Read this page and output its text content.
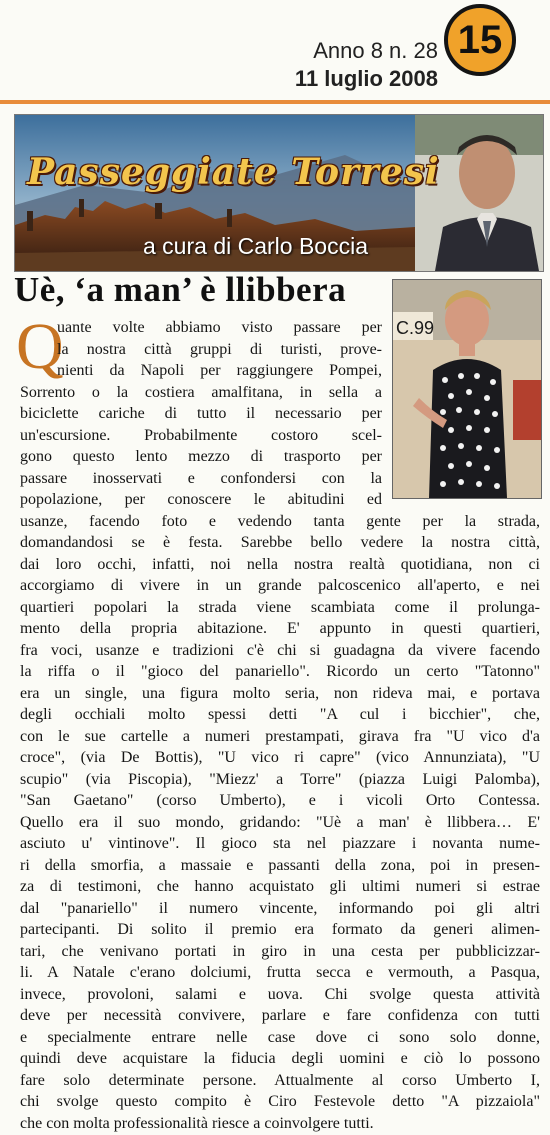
Anno 8 n. 28
11 luglio 2008
15
Passeggiate Torresi
a cura di Carlo Boccia
Uè, ‘a man’ è llibbera
C.99
Q
uante volte abbiamo visto passare per
la nostra città gruppi di turisti, prove-
nienti da Napoli per raggiungere Pompei,
Sorrento o la costiera amalfitana, in sella a
biciclette cariche di tutto il necessario per
un'escursione. Probabilmente costoro scel-
gono questo lento mezzo di trasporto per
passare inosservati e confondersi con la
popolazione, per conoscere le abitudini ed
usanze, facendo foto e vedendo tanta gente per la strada,
domandandosi se è festa. Sarebbe bello vedere la nostra città,
dai loro occhi, infatti, noi nella nostra realtà quotidiana, non ci
accorgiamo di vivere in un grande palcoscenico all'aperto, e nei
quartieri popolari la strada viene scambiata come il prolunga-
mento della propria abitazione. E' appunto in questi quartieri,
fra voci, usanze e tradizioni c'è chi si guadagna da vivere facendo
la riffa o il "gioco del panariello". Ricordo un certo "Tatonno"
era un single, una figura molto seria, non rideva mai, e portava
degli occhiali molto spessi detti "A cul i bicchier", che,
con le sue cartelle a numeri prestampati, girava fra "U vico d'a
croce", (via De Bottis), "U vico ri capre" (vico Annunziata), "U
scupio" (via Piscopia), "Miezz' a Torre" (piazza Luigi Palomba),
"San Gaetano" (corso Umberto), e i vicoli Orto Contessa.
Quello era il suo mondo, gridando: "Uè a man' è llibbera… E'
asciuto u' vintinove". Il gioco sta nel piazzare i novanta nume-
ri della smorfia, a massaie e passanti della zona, poi in presen-
za di testimoni, che hanno acquistato gli ultimi numeri si estrae
dal "panariello" il numero vincente, informando poi gli altri
partecipanti. Di solito il premio era formato da generi alimen-
tari, che venivano portati in giro in una cesta per pubblicizzar-
li. A Natale c'erano dolciumi, frutta secca e vermouth, a Pasqua,
invece, provoloni, salami e uova. Chi svolge questa attività
deve per necessità convivere, parlare e fare confidenza con tutti
e specialmente entrare nelle case dove ci sono solo donne,
quindi deve acquistare la fiducia degli uomini e ciò lo possono
fare solo determinate persone. Attualmente al corso Umberto I,
chi svolge questo compito è Ciro Festevole detto "A pizzaiola"
che con molta professionalità riesce a coinvolgere tutti.
